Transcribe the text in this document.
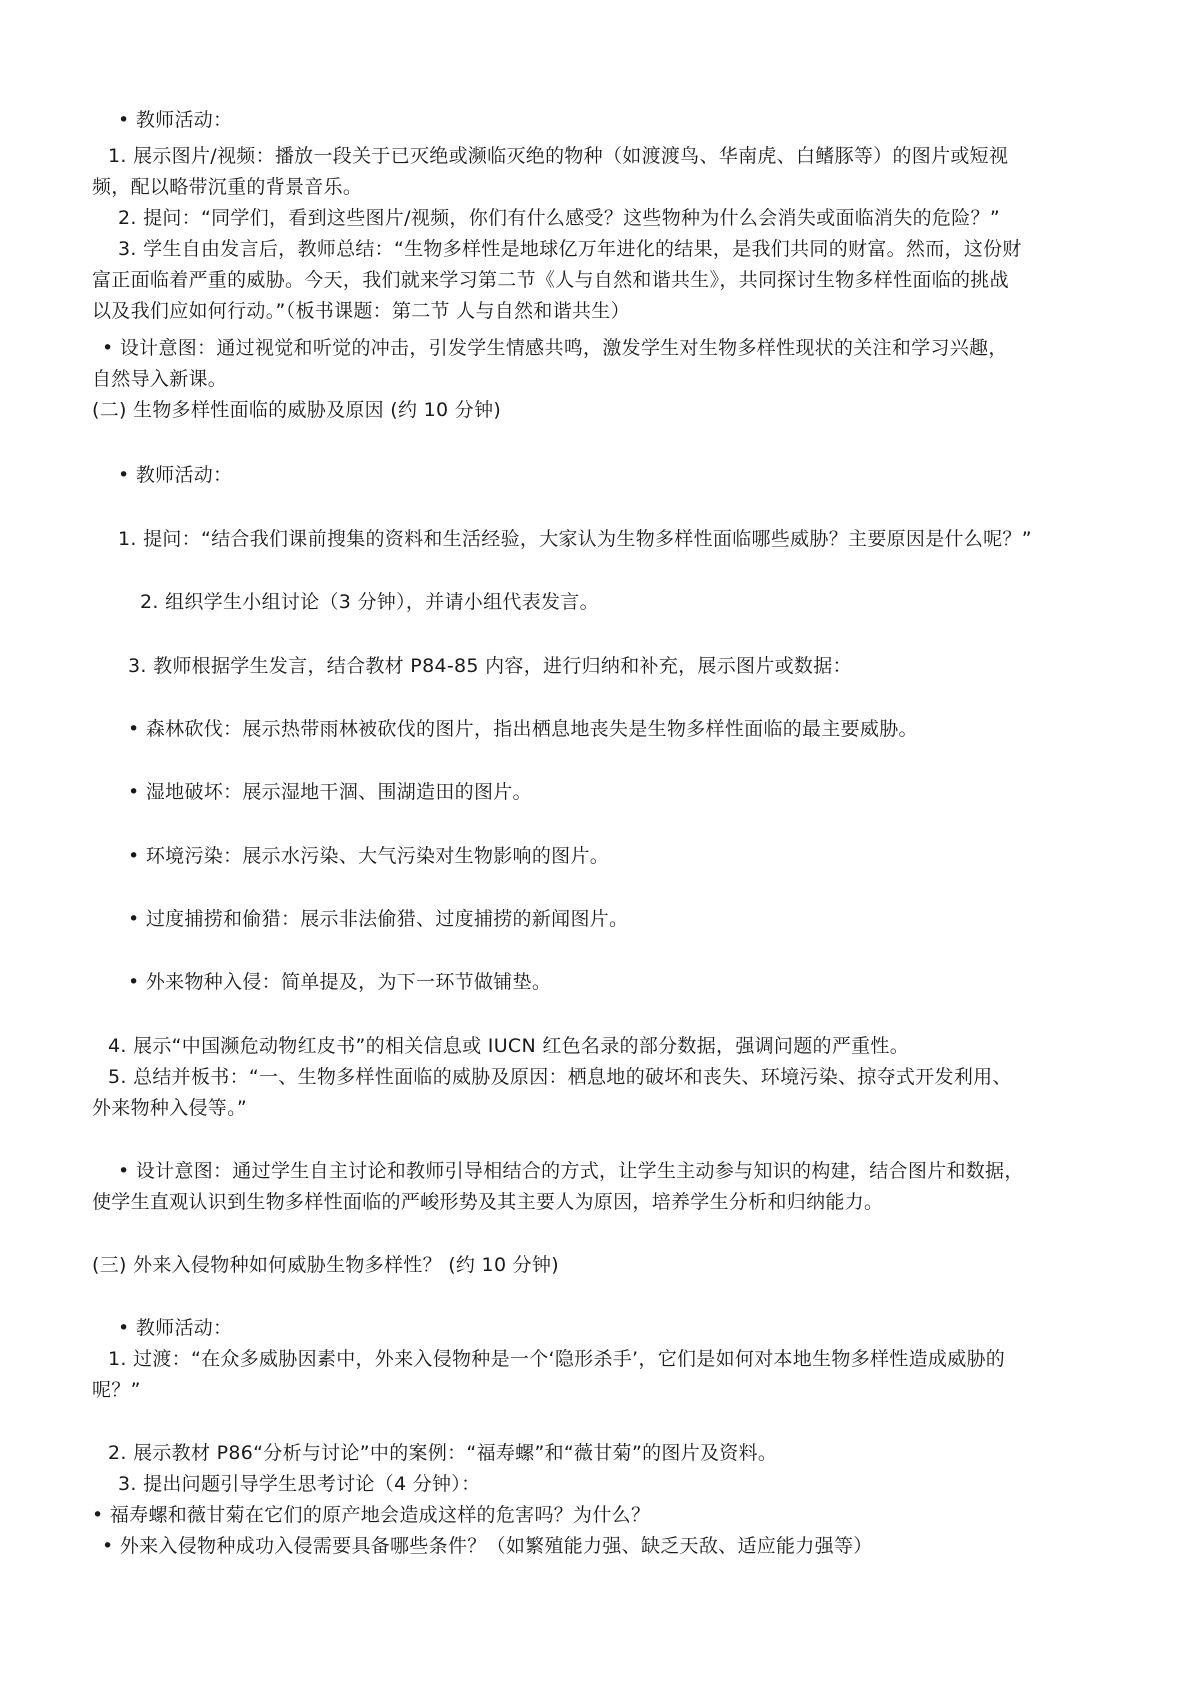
• 教师活动：
1. 展示图片/视频：播放一段关于已灭绝或濒临灭绝的物种（如渡渡鸟、华南虎、白鳍豚等）的图片或短视
频，配以略带沉重的背景音乐。
2. 提问：“同学们，看到这些图片/视频，你们有什么感受？这些物种为什么会消失或面临消失的危险？”
3. 学生自由发言后，教师总结：“生物多样性是地球亿万年进化的结果，是我们共同的财富。然而，这份财
富正面临着严重的威胁。今天，我们就来学习第二节《人与自然和谐共生》，共同探讨生物多样性面临的挑战
以及我们应如何行动。”（板书课题：第二节 人与自然和谐共生）
• 设计意图：通过视觉和听觉的冲击，引发学生情感共鸣，激发学生对生物多样性现状的关注和学习兴趣，
自然导入新课。
(二) 生物多样性面临的威胁及原因 (约 10 分钟)
• 教师活动：
1. 提问：“结合我们课前搜集的资料和生活经验，大家认为生物多样性面临哪些威胁？主要原因是什么呢？”
2. 组织学生小组讨论（3 分钟），并请小组代表发言。
3. 教师根据学生发言，结合教材 P84-85 内容，进行归纳和补充，展示图片或数据：
• 森林砍伐：展示热带雨林被砍伐的图片，指出栖息地丧失是生物多样性面临的最主要威胁。
• 湿地破坏：展示湿地干涸、围湖造田的图片。
• 环境污染：展示水污染、大气污染对生物影响的图片。
• 过度捕捞和偷猎：展示非法偷猎、过度捕捞的新闻图片。
• 外来物种入侵：简单提及，为下一环节做铺垫。
4. 展示“中国濒危动物红皮书”的相关信息或 IUCN 红色名录的部分数据，强调问题的严重性。
5. 总结并板书：“一、生物多样性面临的威胁及原因：栖息地的破坏和丧失、环境污染、掠夺式开发利用、
外来物种入侵等。”
• 设计意图：通过学生自主讨论和教师引导相结合的方式，让学生主动参与知识的构建，结合图片和数据，
使学生直观认识到生物多样性面临的严峻形势及其主要人为原因，培养学生分析和归纳能力。
(三) 外来入侵物种如何威胁生物多样性？ (约 10 分钟)
• 教师活动：
1. 过渡：“在众多威胁因素中，外来入侵物种是一个‘隐形杀手’，它们是如何对本地生物多样性造成威胁的
呢？”
2. 展示教材 P86“分析与讨论”中的案例：“福寿螺”和“薇甘菊”的图片及资料。
3. 提出问题引导学生思考讨论（4 分钟）：
• 福寿螺和薇甘菊在它们的原产地会造成这样的危害吗？为什么？
• 外来入侵物种成功入侵需要具备哪些条件？（如繁殖能力强、缺乏天敌、适应能力强等）
